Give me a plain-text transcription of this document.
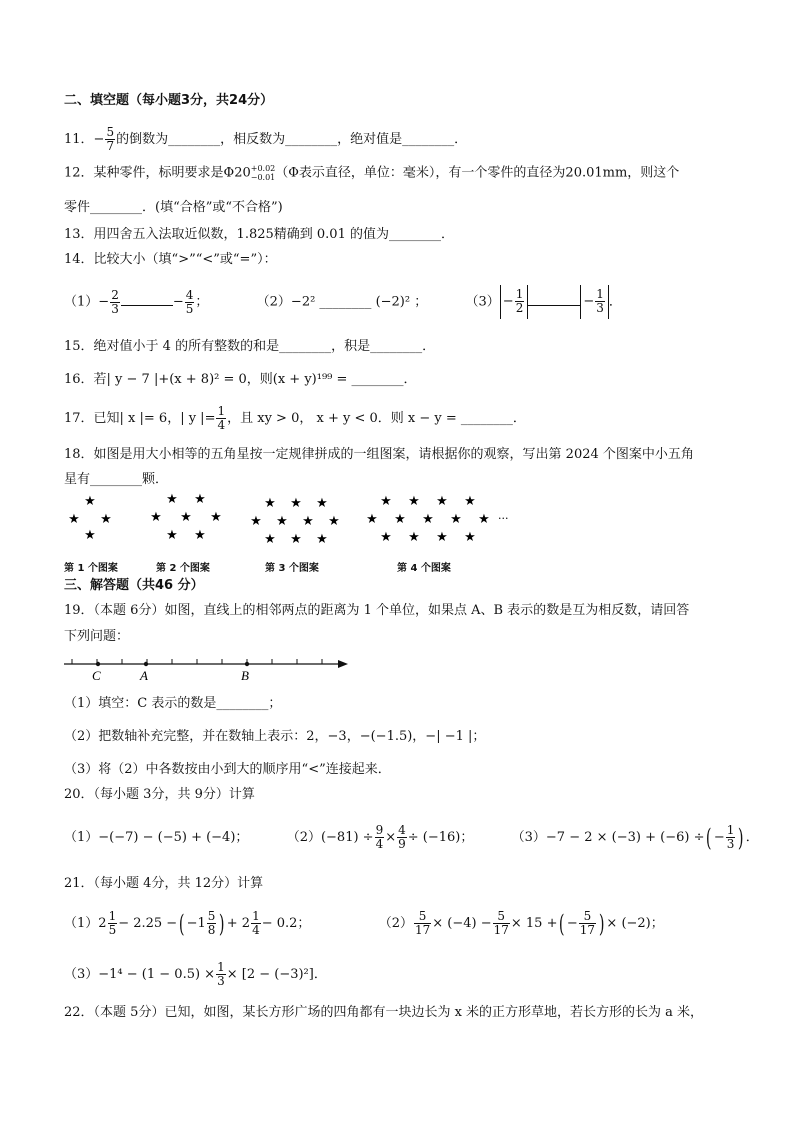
二、填空题（每小题3分，共24分）
11．− $\frac{5}{7}$ 的倒数为________，相反数为________，绝对值是________．
12．某种零件，标明要求是Φ20 +0.02
−0.01 （Φ表示直径，单位：毫米），有一个零件的直径为20.01mm，则这个
零件________．(填“合格”或“不合格”)
13．用四舍五入法取近似数，1.825精确到 0.01 的值为________．
14．比较大小（填“>”“<”或“=”）：
$(1)- \frac{2}{3}$	− $\frac{4}{5}$ ；	（2）−2² ________ (−2)² ；	$(3) - \frac{1}{2}$	− $\frac{1}{3}$ ．
15．绝对值小于 4 的所有整数的和是________，积是________．
16．若| y − 7 |+(x + 8)² = 0，则(x + y)¹⁹⁹ = ________．
17．已知| x |= 6，| y |= $\frac{1}{4}$ ，且 xy > 0， x + y < 0．则 x − y = ________．
18．如图是用大小相等的五角星按一定规律拼成的一组图案，请根据你的观察，写出第 2024 个图案中小五角
星有________颗．
★
★ ★
★
★ ★
★ ★ ★
★ ★
★ ★ ★
★ ★ ★ ★
★ ★ ★
★ ★ ★ ★
★ ★ ★ ★ ★
★ ★ ★ ★
···
第 1 个图案	第 2 个图案	第 3 个图案	第 4 个图案
三、解答题（共46 分）
19．（本题 6分）如图，直线上的相邻两点的距离为 1 个单位，如果点 A、B 表示的数是互为相反数，请回答
下列问题：
C	A	B
（1）填空：C 表示的数是________；
（2）把数轴补充完整，并在数轴上表示：2，−3，−(−1.5)，−| −1 |；
（3）将（2）中各数按由小到大的顺序用“<”连接起来．
20．（每小题 3分，共 9分）计算
（1）−(−7) − (−5) + (−4)；	$(2)(-81) \div \frac{9}{4} \times \frac{4}{9} \div (-16)$；	（3）−7 − 2 × (−3) + (−6) ÷( − $\frac{1}{3}$ ) ．
21．（每小题 4分，共 12分）计算
$(1)2 \frac{1}{5} - 2.25$ −( $-1 \frac{5}{8}$ ) + $2 \frac{1}{4} - 0.2$；	$(2) \frac{5}{17} \times (-4) - \frac{5}{17} \times 15$ +( − $\frac{5}{17}$ ) × (−2)；
$(3)-1^4 - (1 - 0.5) \times \frac{1}{3} \times [2 - (-3)^2]$．
22．（本题 5分）已知，如图，某长方形广场的四角都有一块边长为 x 米的正方形草地，若长方形的长为 a 米，
